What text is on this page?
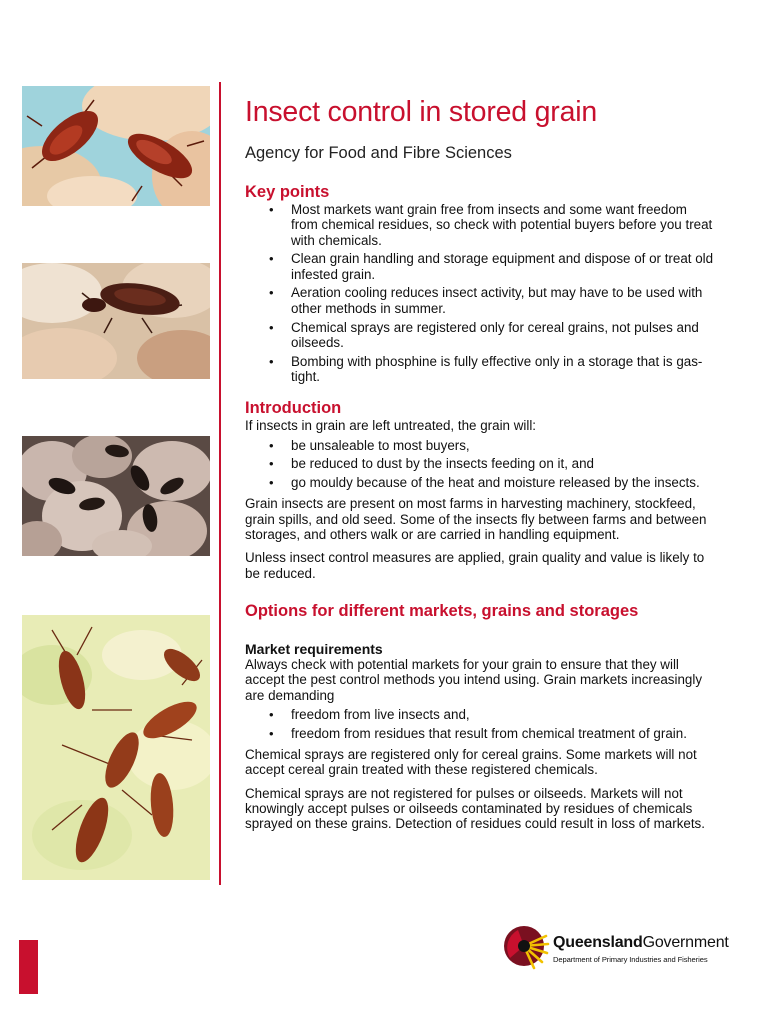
Insect control in stored grain
Agency for Food and Fibre Sciences
Key points
• Most markets want grain free from insects and some want freedom from chemical residues, so check with potential buyers before you treat with chemicals.
• Clean grain handling and storage equipment and dispose of or treat old infested grain.
• Aeration cooling reduces insect activity, but may have to be used with other methods in summer.
• Chemical sprays are registered only for cereal grains, not pulses and oilseeds.
• Bombing with phosphine is fully effective only in a storage that is gas-tight.
Introduction

If insects in grain are left untreated, the grain will:

• be unsaleable to most buyers,
• be reduced to dust by the insects feeding on it, and
• go mouldy because of the heat and moisture released by the insects.

Grain insects are present on most farms in harvesting machinery, stockfeed, grain spills, and old seed. Some of the insects fly between farms and between storages, and others walk or are carried in handling equipment.

Unless insect control measures are applied, grain quality and value is likely to be reduced.

Options for different markets, grains and storages
Market requirements

Always check with potential markets for your grain to ensure that they will accept the pest control methods you intend using. Grain markets increasingly are demanding

• freedom from live insects and,
• freedom from residues that result from chemical treatment of grain.

Chemical sprays are registered only for cereal grains. Some markets will not accept cereal grain treated with these registered chemicals.

Chemical sprays are not registered for pulses or oilseeds. Markets will not knowingly accept pulses or oilseeds contaminated by residues of chemicals sprayed on these grains. Detection of residues could result in loss of markets.

QueenslandGovernment
Department of Primary Industries and Fisheries
